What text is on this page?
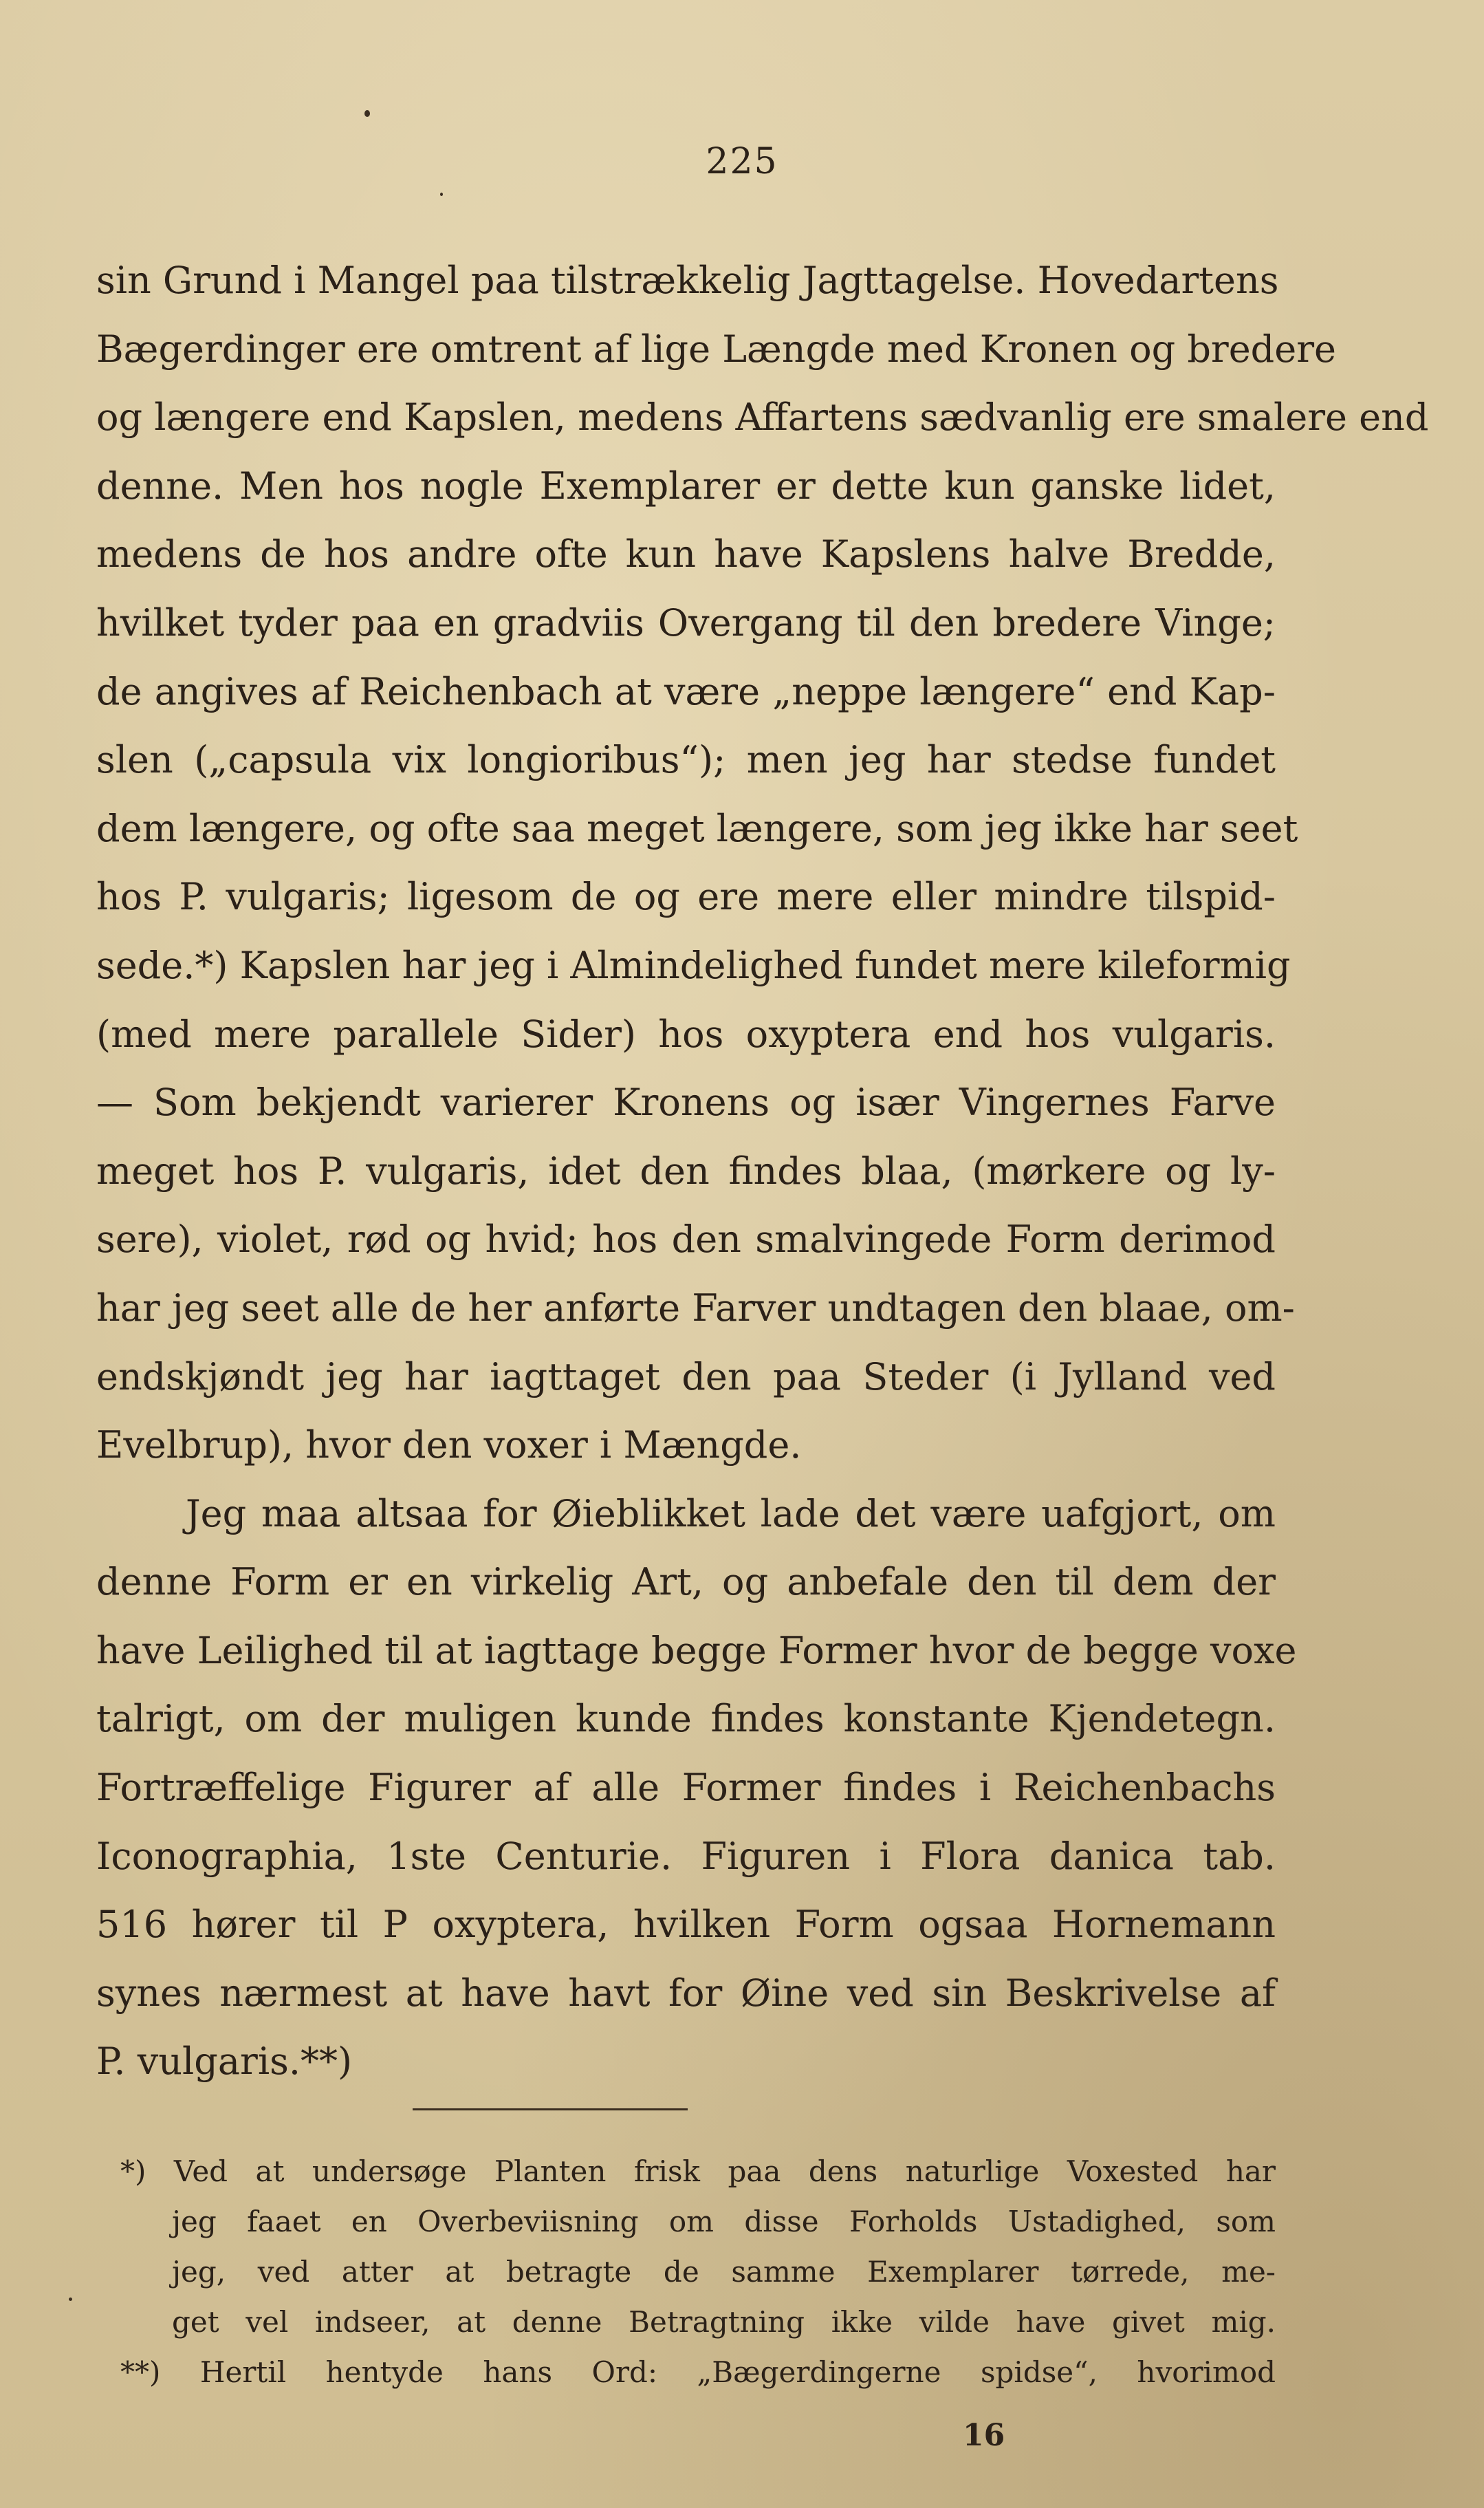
225
sin Grund i Mangel paa tilstrækkelig Jagttagelse. Hovedartens
Bægerdinger ere omtrent af lige Længde med Kronen og bredere
og længere end Kapslen, medens Affartens sædvanlig ere smalere end
denne. Men hos nogle Exemplarer er dette kun ganske lidet,
medens de hos andre ofte kun have Kapslens halve Bredde,
hvilket tyder paa en gradviis Overgang til den bredere Vinge;
de angives af Reichenbach at være „neppe længere“ end Kap-
slen („capsula vix longioribus“); men jeg har stedse fundet
dem længere, og ofte saa meget længere, som jeg ikke har seet
hos P. vulgaris; ligesom de og ere mere eller mindre tilspid-
sede.*) Kapslen har jeg i Almindelighed fundet mere kileformig
(med mere parallele Sider) hos oxyptera end hos vulgaris.
— Som bekjendt varierer Kronens og især Vingernes Farve
meget hos P. vulgaris, idet den findes blaa, (mørkere og ly-
sere), violet, rød og hvid; hos den smalvingede Form derimod
har jeg seet alle de her anførte Farver undtagen den blaae, om-
endskjøndt jeg har iagttaget den paa Steder (i Jylland ved
Evelbrup), hvor den voxer i Mængde.
Jeg maa altsaa for Øieblikket lade det være uafgjort, om
denne Form er en virkelig Art, og anbefale den til dem der
have Leilighed til at iagttage begge Former hvor de begge voxe
talrigt, om der muligen kunde findes konstante Kjendetegn.
Fortræffelige Figurer af alle Former findes i Reichenbachs
Iconographia, 1ste Centurie. Figuren i Flora danica tab.
516 hører til P oxyptera, hvilken Form ogsaa Hornemann
synes nærmest at have havt for Øine ved sin Beskrivelse af
P. vulgaris.**)
*) Ved at undersøge Planten frisk paa dens naturlige Voxested har
jeg faaet en Overbeviisning om disse Forholds Ustadighed, som
jeg, ved atter at betragte de samme Exemplarer tørrede, me-
get vel indseer, at denne Betragtning ikke vilde have givet mig.
**) Hertil hentyde hans Ord: „Bægerdingerne spidse“, hvorimod
16
